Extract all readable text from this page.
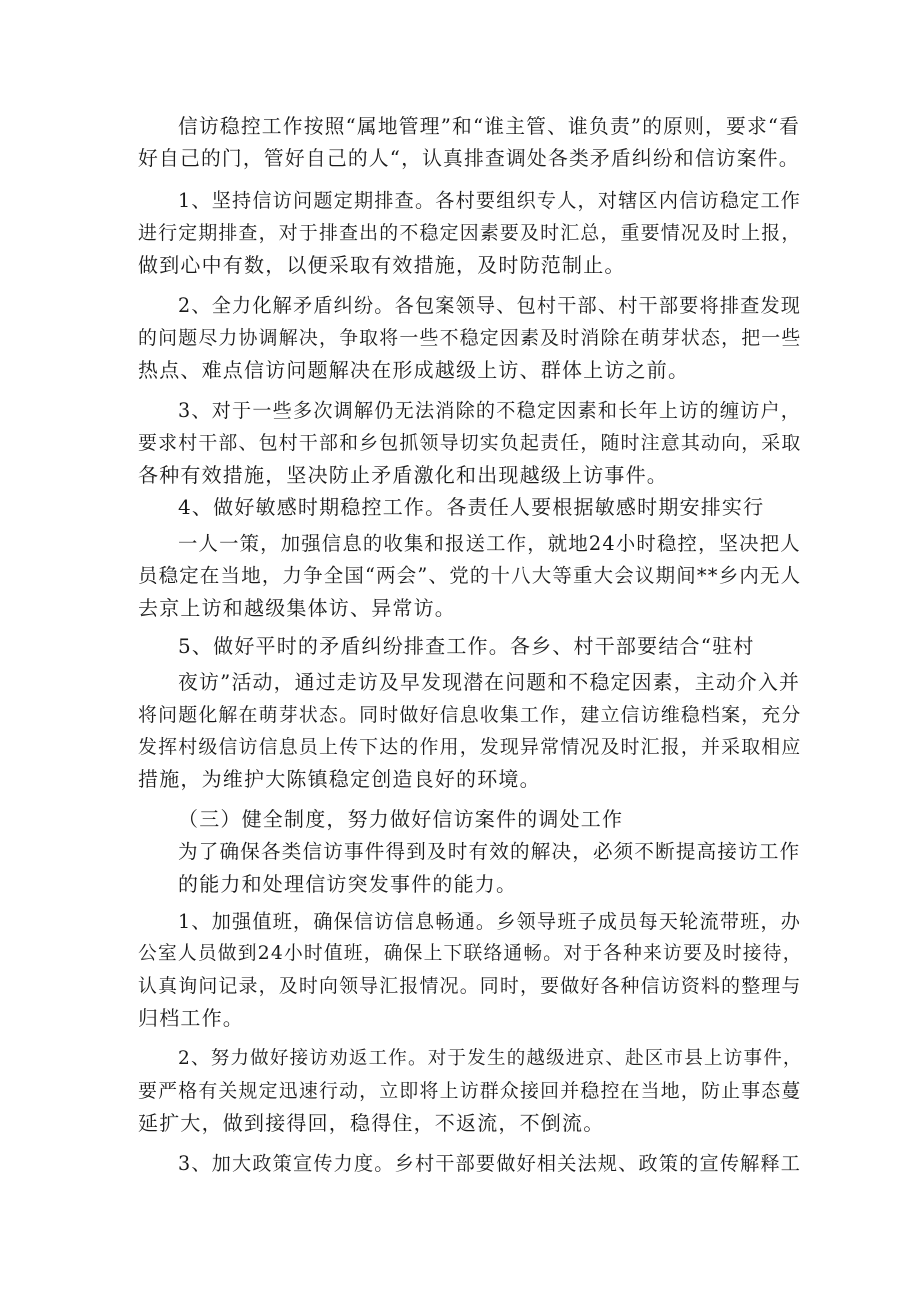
信访稳控工作按照“属地管理”和“谁主管、谁负责”的原则，要求“看
好自己的门，管好自己的人“，认真排查调处各类矛盾纠纷和信访案件。
1、坚持信访问题定期排查。各村要组织专人，对辖区内信访稳定工作
进行定期排查，对于排查出的不稳定因素要及时汇总，重要情况及时上报，
做到心中有数，以便采取有效措施，及时防范制止。
2、全力化解矛盾纠纷。各包案领导、包村干部、村干部要将排查发现
的问题尽力协调解决，争取将一些不稳定因素及时消除在萌芽状态，把一些
热点、难点信访问题解决在形成越级上访、群体上访之前。
3、对于一些多次调解仍无法消除的不稳定因素和长年上访的缠访户，
要求村干部、包村干部和乡包抓领导切实负起责任，随时注意其动向，采取
各种有效措施，坚决防止矛盾激化和出现越级上访事件。
4、做好敏感时期稳控工作。各责任人要根据敏感时期安排实行
一人一策，加强信息的收集和报送工作，就地24小时稳控，坚决把人
员稳定在当地，力争全国“两会”、党的十八大等重大会议期间**乡内无人
去京上访和越级集体访、异常访。
5、做好平时的矛盾纠纷排查工作。各乡、村干部要结合“驻村
夜访”活动，通过走访及早发现潜在问题和不稳定因素，主动介入并
将问题化解在萌芽状态。同时做好信息收集工作，建立信访维稳档案，充分
发挥村级信访信息员上传下达的作用，发现异常情况及时汇报，并采取相应
措施，为维护大陈镇稳定创造良好的环境。
（三）健全制度，努力做好信访案件的调处工作
为了确保各类信访事件得到及时有效的解决，必须不断提高接访工作
的能力和处理信访突发事件的能力。
1、加强值班，确保信访信息畅通。乡领导班子成员每天轮流带班，办
公室人员做到24小时值班，确保上下联络通畅。对于各种来访要及时接待，
认真询问记录，及时向领导汇报情况。同时，要做好各种信访资料的整理与
归档工作。
2、努力做好接访劝返工作。对于发生的越级进京、赴区市县上访事件，
要严格有关规定迅速行动，立即将上访群众接回并稳控在当地，防止事态蔓
延扩大，做到接得回，稳得住，不返流，不倒流。
3、加大政策宣传力度。乡村干部要做好相关法规、政策的宣传解释工
